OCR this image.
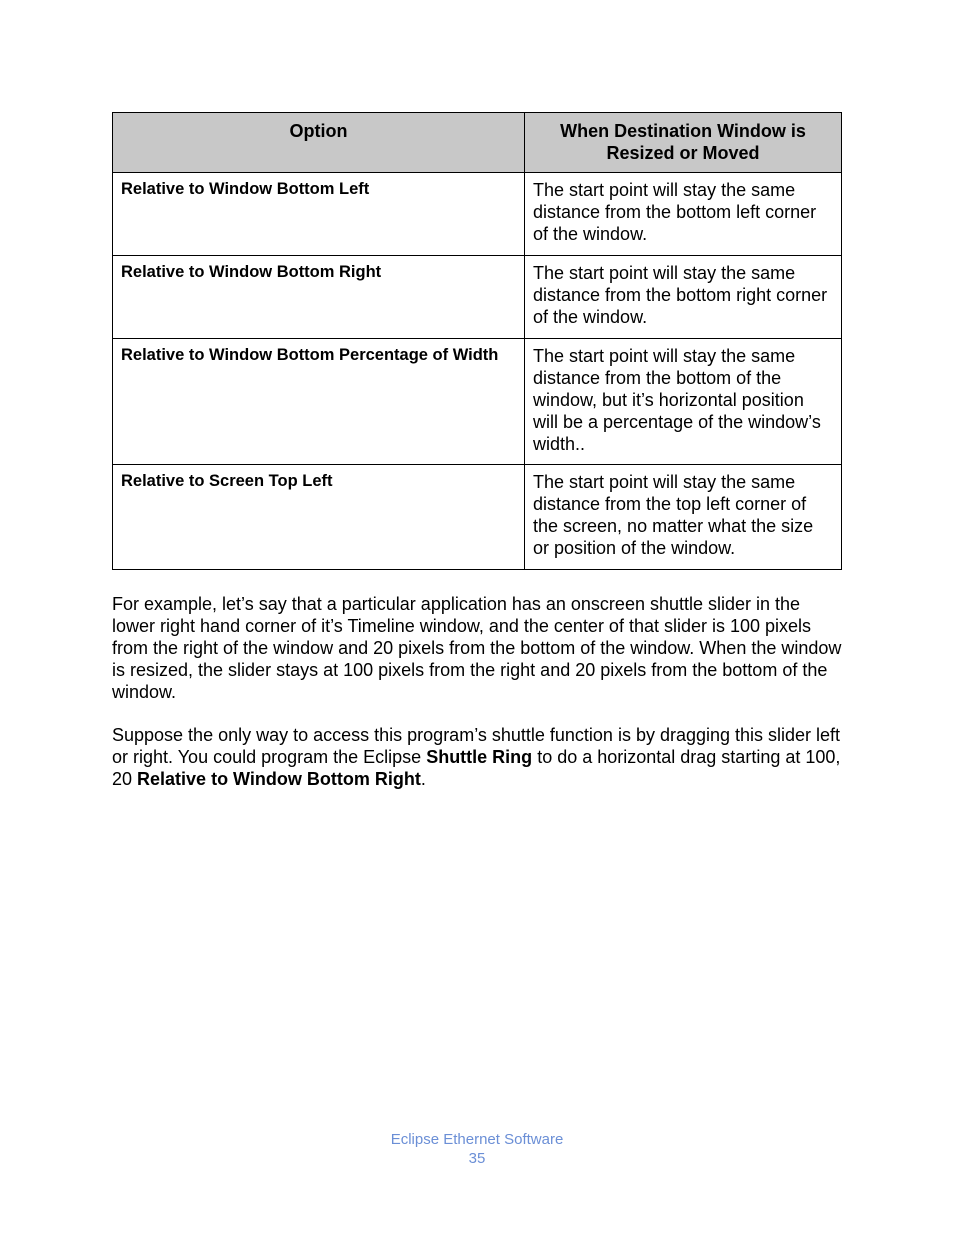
Option	When Destination Window is Resized or Moved
Relative to Window Bottom Left	The start point will stay the same distance from the bottom left corner of the window.
Relative to Window Bottom Right	The start point will stay the same distance from the bottom right corner of the window.
Relative to Window Bottom Percentage of Width	The start point will stay the same distance from the bottom of the window, but it’s horizontal position will be a percentage of the window’s width..
Relative to Screen Top Left	The start point will stay the same distance from the top left corner of the screen, no matter what the size or position of the window.

For example, let’s say that a particular application has an onscreen shuttle slider in the lower right hand corner of it’s Timeline window, and the center of that slider is 100 pixels from the right of the window and 20 pixels from the bottom of the window. When the window is resized, the slider stays at 100 pixels from the right and 20 pixels from the bottom of the window.

Suppose the only way to access this program’s shuttle function is by dragging this slider left or right. You could program the Eclipse Shuttle Ring to do a horizontal drag starting at 100, 20 Relative to Window Bottom Right.

Eclipse Ethernet Software
35
